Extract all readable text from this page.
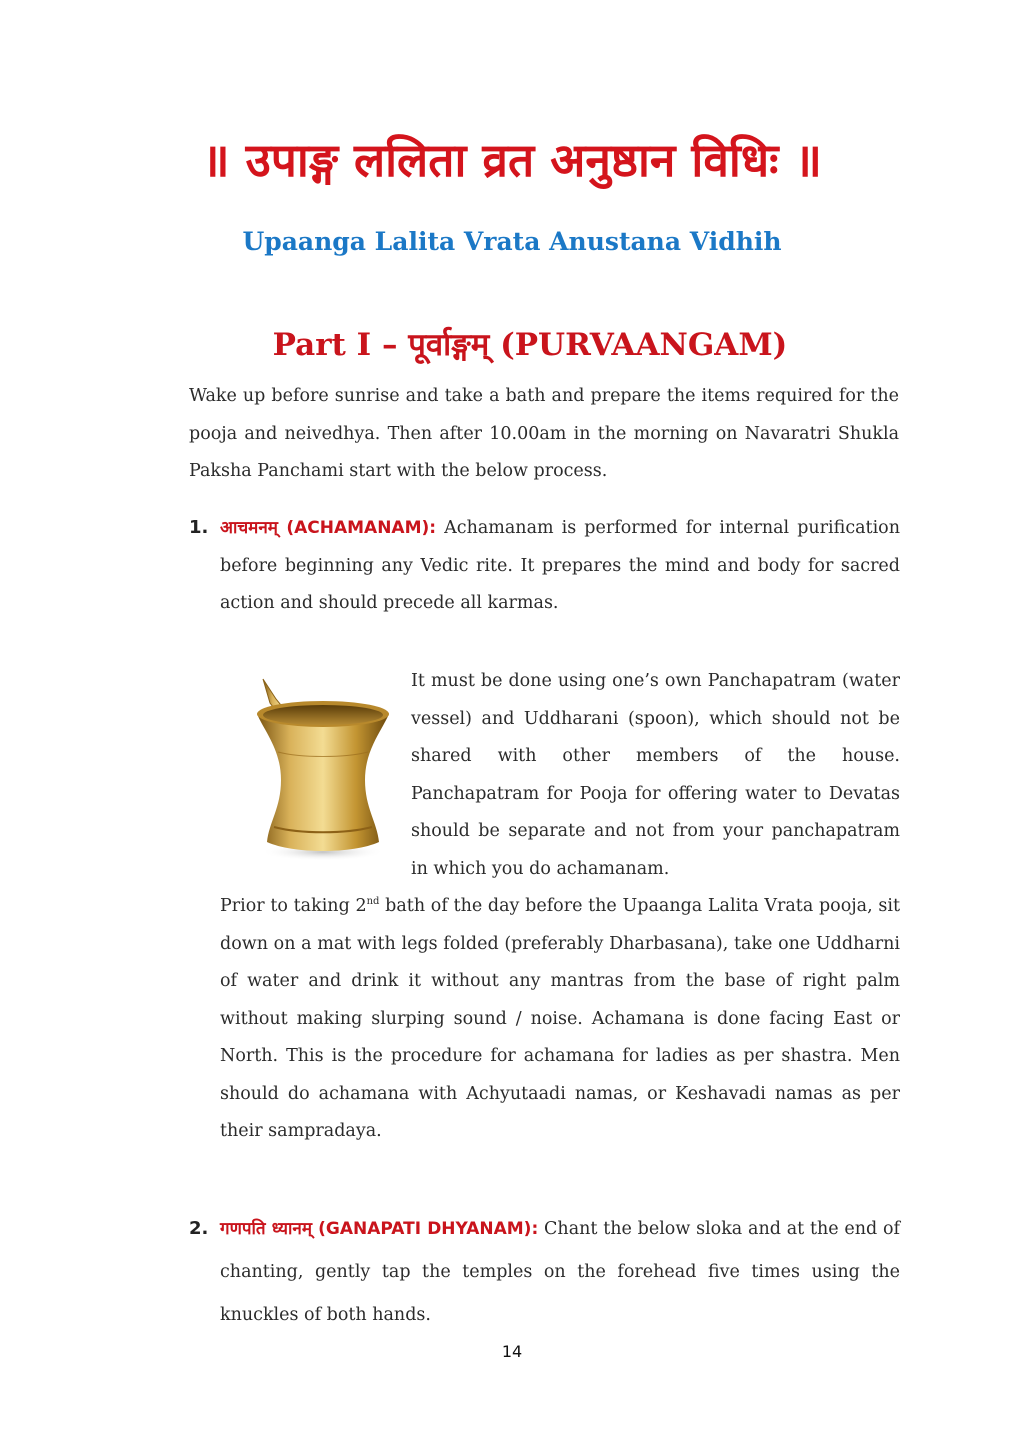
॥ उपाङ्ग ललिता व्रत अनुष्ठान विधिः ॥
Upaanga Lalita Vrata Anustana Vidhih
Part I – पूर्वाङ्गम् (PURVAANGAM)

Wake up before sunrise and take a bath and prepare the items required for the pooja and neivedhya. Then after 10.00am in the morning on Navaratri Shukla Paksha Panchami start with the below process.

1. आचमनम् (ACHAMANAM): Achamanam is performed for internal purification before beginning any Vedic rite. It prepares the mind and body for sacred action and should precede all karmas.

It must be done using one’s own Panchapatram (water vessel) and Uddharani (spoon), which should not be shared with other members of the house. Panchapatram for Pooja for offering water to Devatas should be separate and not from your panchapatram in which you do achamanam.

Prior to taking 2nd bath of the day before the Upaanga Lalita Vrata pooja, sit down on a mat with legs folded (preferably Dharbasana), take one Uddharni of water and drink it without any mantras from the base of right palm without making slurping sound / noise. Achamana is done facing East or North. This is the procedure for achamana for ladies as per shastra. Men should do achamana with Achyutaadi namas, or Keshavadi namas as per their sampradaya.

2. गणपति ध्यानम् (GANAPATI DHYANAM): Chant the below sloka and at the end of chanting, gently tap the temples on the forehead five times using the knuckles of both hands.

14
